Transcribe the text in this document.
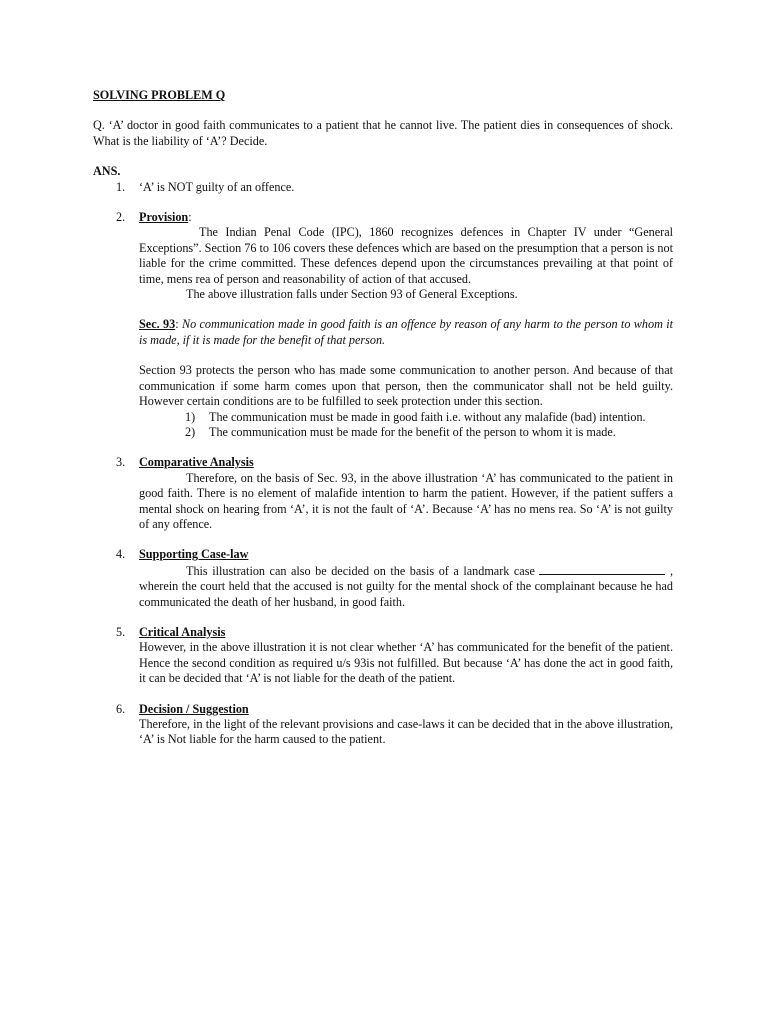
SOLVING PROBLEM Q

Q. ‘A’ doctor in good faith communicates to a patient that he cannot live. The patient dies in consequences of shock. What is the liability of ‘A’? Decide.
ANS.
1. ‘A’ is NOT guilty of an offence.
2. Provision:
The Indian Penal Code (IPC), 1860 recognizes defences in Chapter IV under “General Exceptions”. Section 76 to 106 covers these defences which are based on the presumption that a person is not liable for the crime committed. These defences depend upon the circumstances prevailing at that point of time, mens rea of person and reasonability of action of that accused.
The above illustration falls under Section 93 of General Exceptions.
Sec. 93: No communication made in good faith is an offence by reason of any harm to the person to whom it is made, if it is made for the benefit of that person.
Section 93 protects the person who has made some communication to another person. And because of that communication if some harm comes upon that person, then the communicator shall not be held guilty. However certain conditions are to be fulfilled to seek protection under this section.
1) The communication must be made in good faith i.e. without any malafide (bad) intention.
2) The communication must be made for the benefit of the person to whom it is made.
3. Comparative Analysis
Therefore, on the basis of Sec. 93, in the above illustration ‘A’ has communicated to the patient in good faith. There is no element of malafide intention to harm the patient. However, if the patient suffers a mental shock on hearing from ‘A’, it is not the fault of ‘A’. Because ‘A’ has no mens rea. So ‘A’ is not guilty of any offence.
4. Supporting Case-law
This illustration can also be decided on the basis of a landmark case	, wherein the court held that the accused is not guilty for the mental shock of the complainant because he had communicated the death of her husband, in good faith.
5. Critical Analysis
However, in the above illustration it is not clear whether ‘A’ has communicated for the benefit of the patient. Hence the second condition as required u/s 93is not fulfilled. But because ‘A’ has done the act in good faith, it can be decided that ‘A’ is not liable for the death of the patient.
6. Decision / Suggestion
Therefore, in the light of the relevant provisions and case-laws it can be decided that in the above illustration, ‘A’ is Not liable for the harm caused to the patient.
